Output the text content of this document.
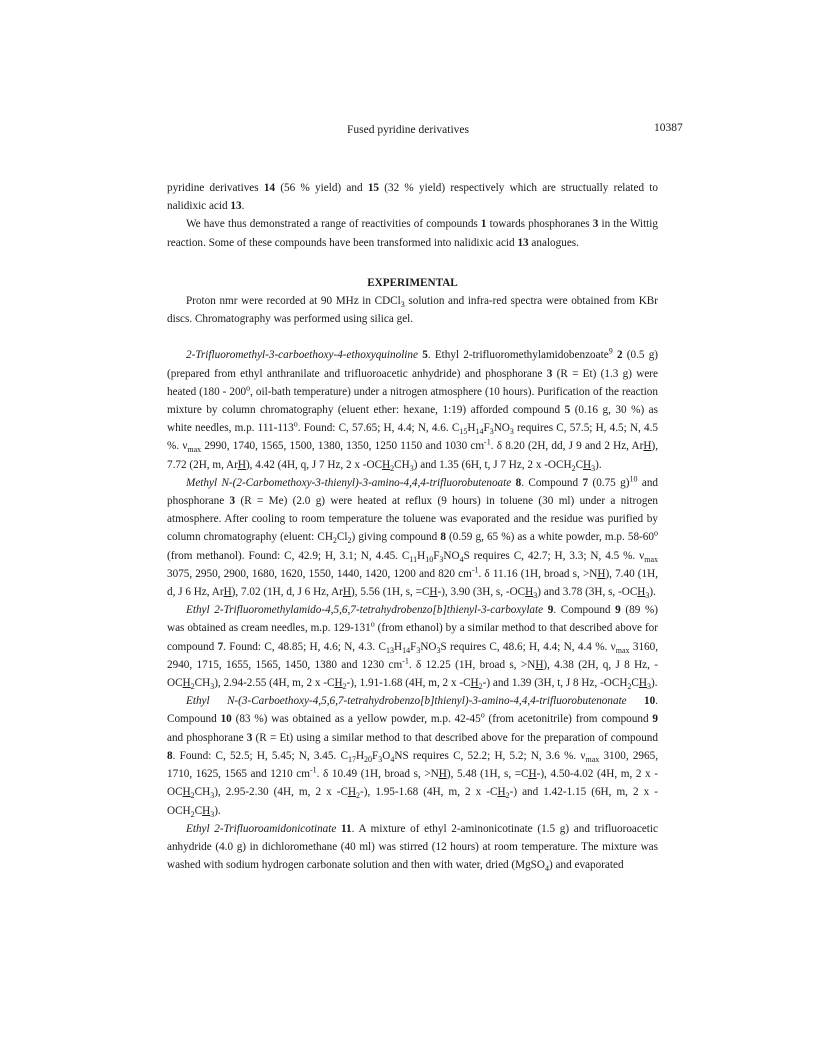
Fused pyridine derivatives	10387

pyridine derivatives 14 (56 % yield) and 15 (32 % yield) respectively which are structually related to nalidixic acid 13.

We have thus demonstrated a range of reactivities of compounds 1 towards phosphoranes 3 in the Wittig reaction. Some of these compounds have been transformed into nalidixic acid 13 analogues.

EXPERIMENTAL

Proton nmr were recorded at 90 MHz in CDCl$_3$ solution and infra-red spectra were obtained from KBr discs. Chromatography was performed using silica gel.

2-Trifluoromethyl-3-carboethoxy-4-ethoxyquinoline 5. Ethyl 2-trifluoromethylamidobenzoate$^9$ 2 (0.5 g) (prepared from ethyl anthranilate and trifluoroacetic anhydride) and phosphorane 3 (R = Et) (1.3 g) were heated (180 - 200$^o$, oil-bath temperature) under a nitrogen atmosphere (10 hours). Purification of the reaction mixture by column chromatography (eluent ether: hexane, 1:19) afforded compound 5 (0.16 g, 30 %) as white needles, m.p. 111-113$^o$. Found: C, 57.65; H, 4.4; N, 4.6. $C_{15}H_{14}F_3NO_3$ requires C, 57.5; H, 4.5; N, 4.5 %. $\nu_{max}$ 2990, 1740, 1565, 1500, 1380, 1350, 1250 1150 and 1030 $cm^{-1}$. δ 8.20 (2H, dd, J 9 and 2 Hz, ArH), 7.72 (2H, m, ArH), 4.42 (4H, q, J 7 Hz, 2 x $-OCH_2CH_3$) and 1.35 (6H, t, J 7 Hz, 2 x $-OCH_2CH_3$).

Methyl N-(2-Carbomethoxy-3-thienyl)-3-amino-4,4,4-trifluorobutenoate 8. Compound 7 (0.75 g)$^{10}$ and phosphorane 3 (R = Me) (2.0 g) were heated at reflux (9 hours) in toluene (30 ml) under a nitrogen atmosphere. After cooling to room temperature the toluene was evaporated and the residue was purified by column chromatography (eluent: $CH_2Cl_2$) giving compound 8 (0.59 g, 65 %) as a white powder, m.p. 58-60$^o$ (from methanol). Found: C, 42.9; H, 3.1; N, 4.45. $C_{11}H_{10}F_3NO_4S$ requires C, 42.7; H, 3.3; N, 4.5 %. $\nu_{max}$ 3075, 2950, 2900, 1680, 1620, 1550, 1440, 1420, 1200 and 820 $cm^{-1}$. δ 11.16 (1H, broad s, >NH), 7.40 (1H, d, J 6 Hz, ArH), 7.02 (1H, d, J 6 Hz, ArH), 5.56 (1H, s, =CH-), 3.90 (3H, s, $-OCH_3$) and 3.78 (3H, s, $-OCH_3$).

Ethyl 2-Trifluoromethylamido-4,5,6,7-tetrahydrobenzo[b]thienyl-3-carboxylate 9. Compound 9 (89 %) was obtained as cream needles, m.p. 129-131$^o$ (from ethanol) by a similar method to that described above for compound 7. Found: C, 48.85; H, 4.6; N, 4.3. $C_{13}H_{14}F_3NO_3S$ requires C, 48.6; H, 4.4; N, 4.4 %. $\nu_{max}$ 3160, 2940, 1715, 1655, 1565, 1450, 1380 and 1230 $cm^{-1}$. δ 12.25 (1H, broad s, >NH), 4.38 (2H, q, J 8 Hz, $-OCH_2CH_3$), 2.94-2.55 (4H, m, 2 x $-CH_2-$), 1.91-1.68 (4H, m, 2 x $-CH_2-$) and 1.39 (3H, t, J 8 Hz, $-OCH_2CH_3$).

Ethyl N-(3-Carboethoxy-4,5,6,7-tetrahydrobenzo[b]thienyl)-3-amino-4,4,4-trifluorobutenonate 10. Compound 10 (83 %) was obtained as a yellow powder, m.p. 42-45$^o$ (from acetonitrile) from compound 9 and phosphorane 3 (R = Et) using a similar method to that described above for the preparation of compound 8. Found: C, 52.5; H, 5.45; N, 3.45. $C_{17}H_{20}F_3O_4NS$ requires C, 52.2; H, 5.2; N, 3.6 %. $\nu_{max}$ 3100, 2965, 1710, 1625, 1565 and 1210 $cm^{-1}$. δ 10.49 (1H, broad s, >NH), 5.48 (1H, s, =CH-), 4.50-4.02 (4H, m, 2 x $-OCH_2CH_3$), 2.95-2.30 (4H, m, 2 x $-CH_2-$), 1.95-1.68 (4H, m, 2 x $-CH_2-$) and 1.42-1.15 (6H, m, 2 x $-OCH_2CH_3$).

Ethyl 2-Trifluoroamidonicotinate 11. A mixture of ethyl 2-aminonicotinate (1.5 g) and trifluoroacetic anhydride (4.0 g) in dichloromethane (40 ml) was stirred (12 hours) at room temperature. The mixture was washed with sodium hydrogen carbonate solution and then with water, dried (MgSO$_4$) and evaporated
